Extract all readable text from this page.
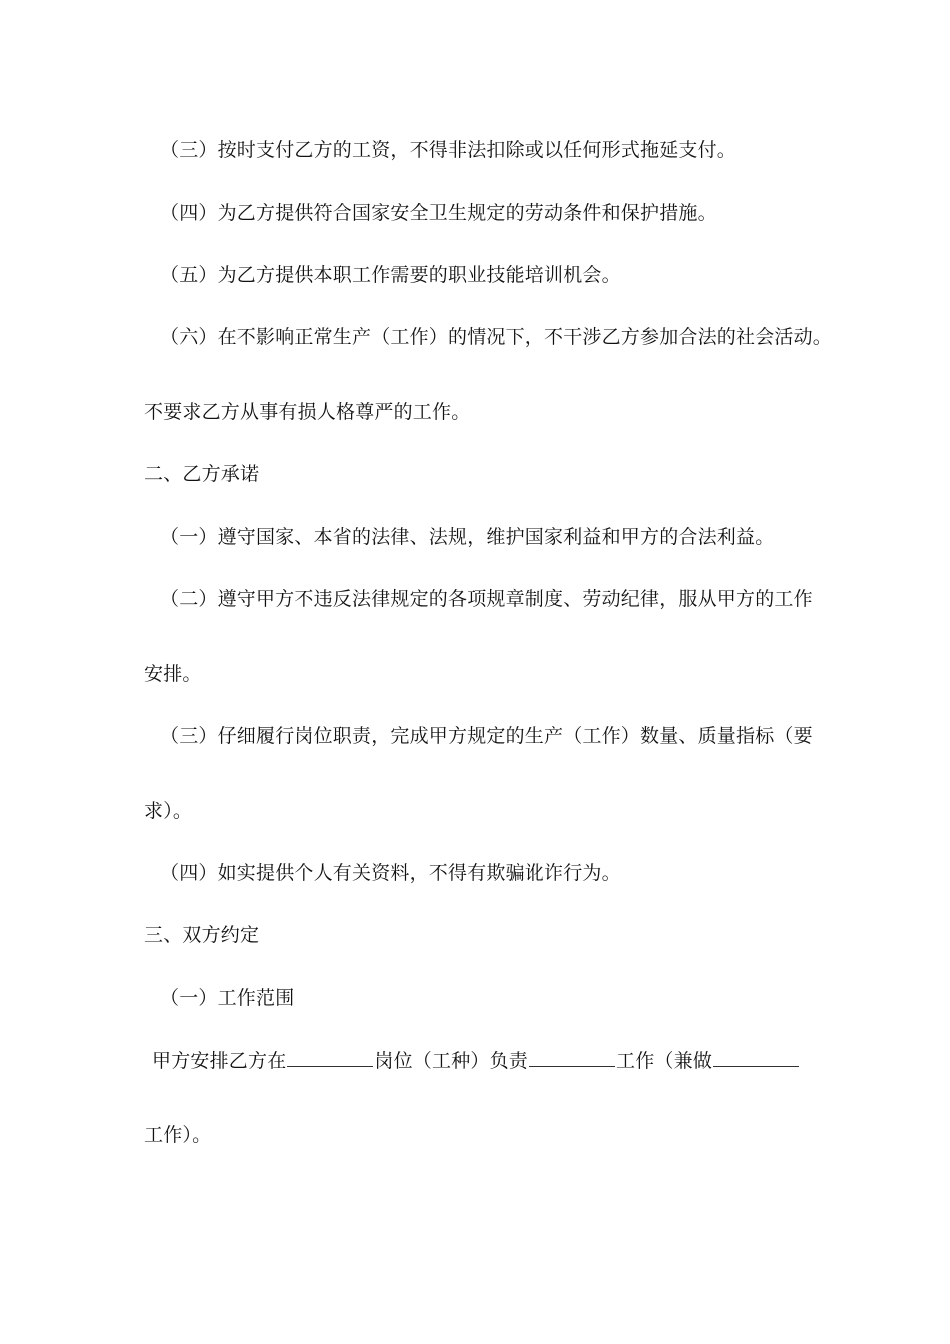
（三）按时支付乙方的工资，不得非法扣除或以任何形式拖延支付。
（四）为乙方提供符合国家安全卫生规定的劳动条件和保护措施。
（五）为乙方提供本职工作需要的职业技能培训机会。
（六）在不影响正常生产（工作）的情况下，不干涉乙方参加合法的社会活动。
不要求乙方从事有损人格尊严的工作。
二、乙方承诺
（一）遵守国家、本省的法律、法规，维护国家利益和甲方的合法利益。
（二）遵守甲方不违反法律规定的各项规章制度、劳动纪律，服从甲方的工作
安排。
（三）仔细履行岗位职责，完成甲方规定的生产（工作）数量、质量指标（要
求）。
（四）如实提供个人有关资料，不得有欺骗讹诈行为。
三、双方约定
（一）工作范围
甲方安排乙方在	岗位（工种）负责	工作（兼做
工作）。
